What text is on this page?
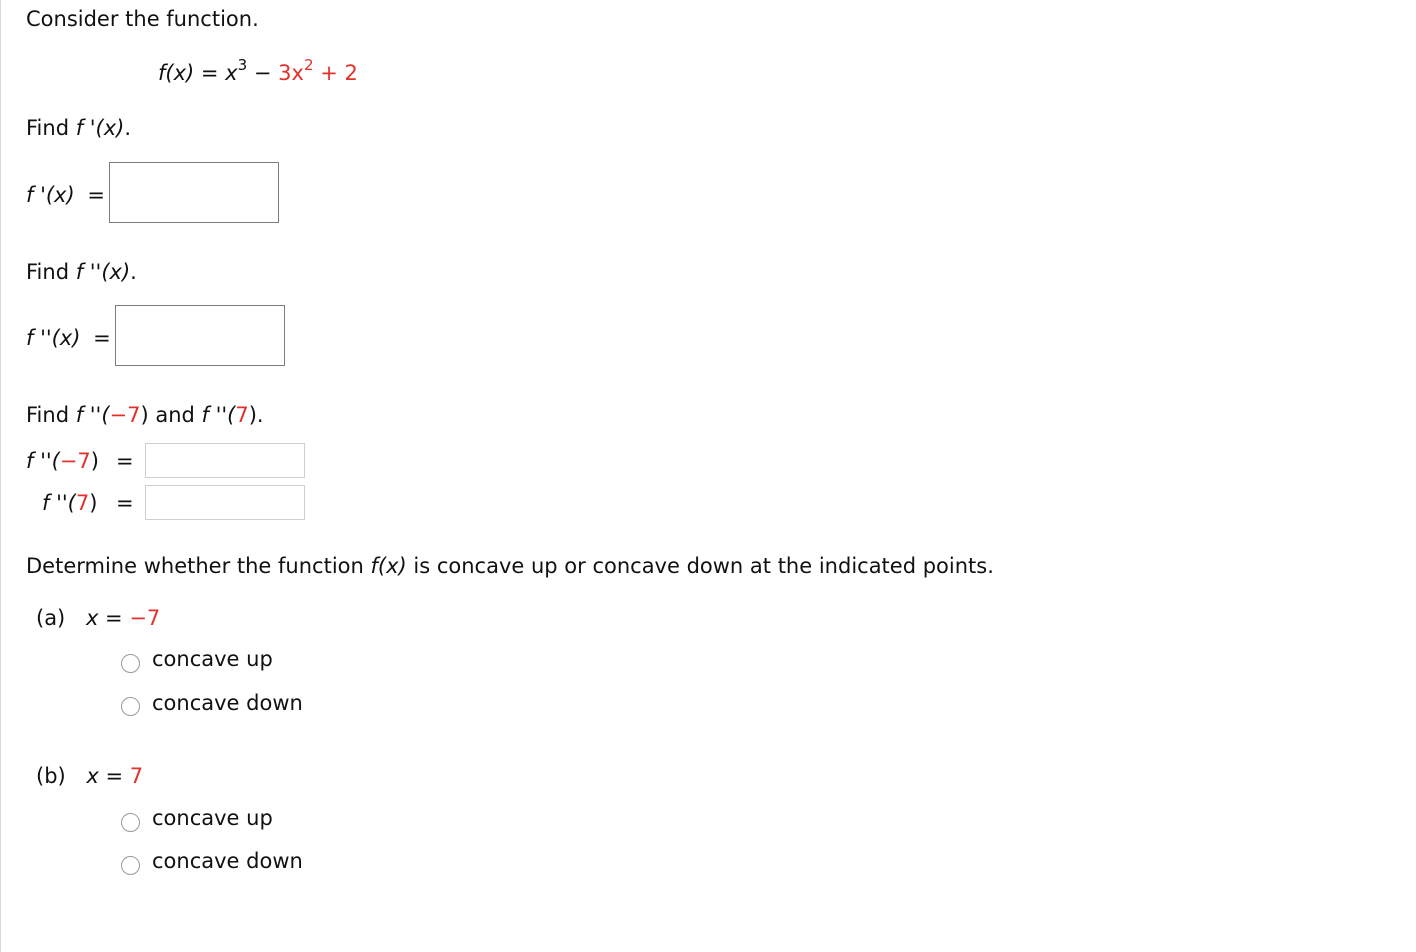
Consider the function.
$f(x) = x^3 - 3x^2 + 2$
Find f '(x).
f '(x) =
Find f ''(x).
f ''(x) =
Find f ''(−7) and f ''(7).
f ''(−7) =
f ''(7) =
Determine whether the function f(x) is concave up or concave down at the indicated points.
(a) x = −7
concave up
concave down
(b) x = 7
concave up
concave down
